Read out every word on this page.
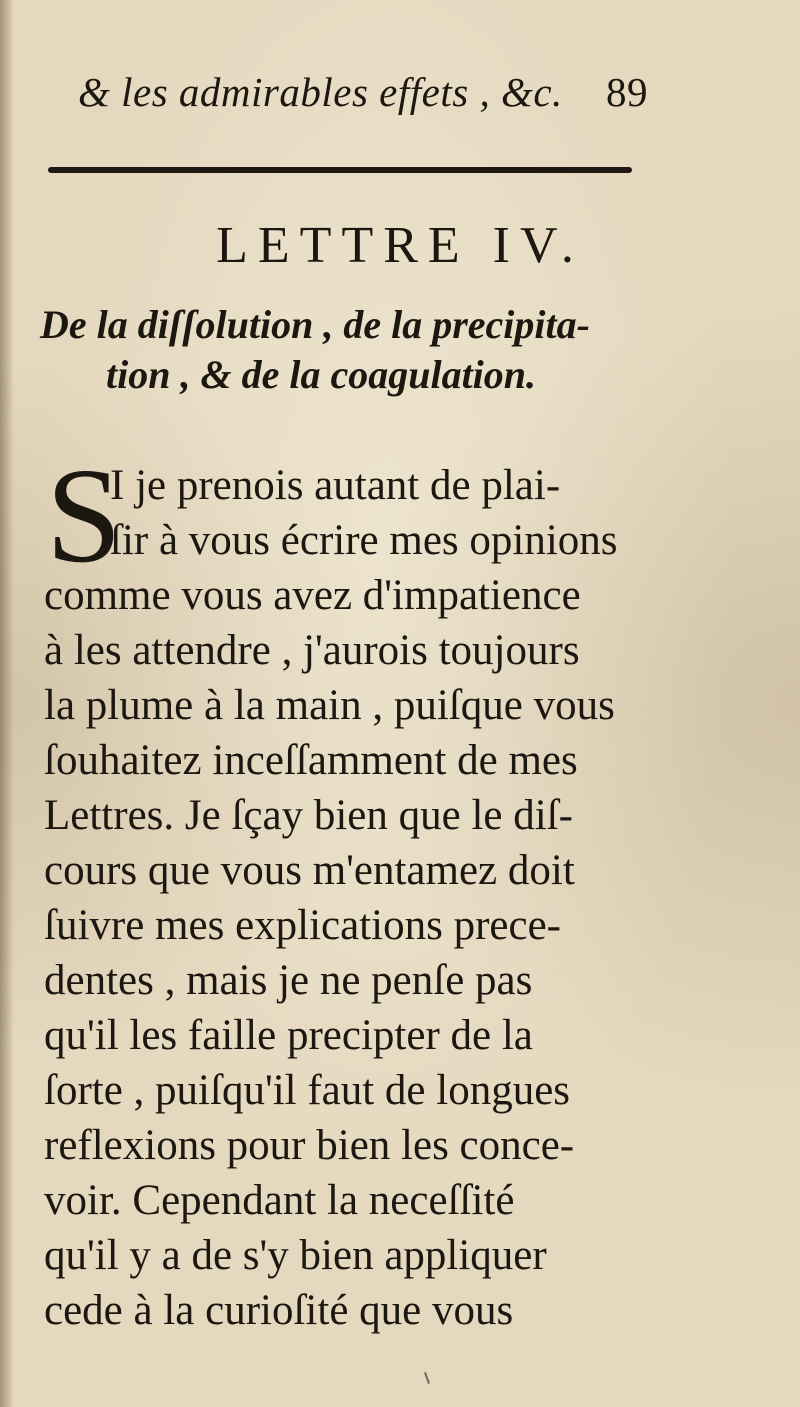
& les admirables effets , &c. 89
LETTRE IV.
De la diſſolution , de la precipita-
tion , & de la coagulation.
S
I je prenois autant de plai-
ſir à vous écrire mes opinions
comme vous avez d'impatience
à les attendre , j'aurois toujours
la plume à la main , puiſque vous
ſouhaitez inceſſamment de mes
Lettres. Je ſçay bien que le diſ-
cours que vous m'entamez doit
ſuivre mes explications prece-
dentes , mais je ne penſe pas
qu'il les faille precipter de la
ſorte , puiſqu'il faut de longues
reflexions pour bien les conce-
voir. Cependant la neceſſité
qu'il y a de s'y bien appliquer
cede à la curioſité que vous
